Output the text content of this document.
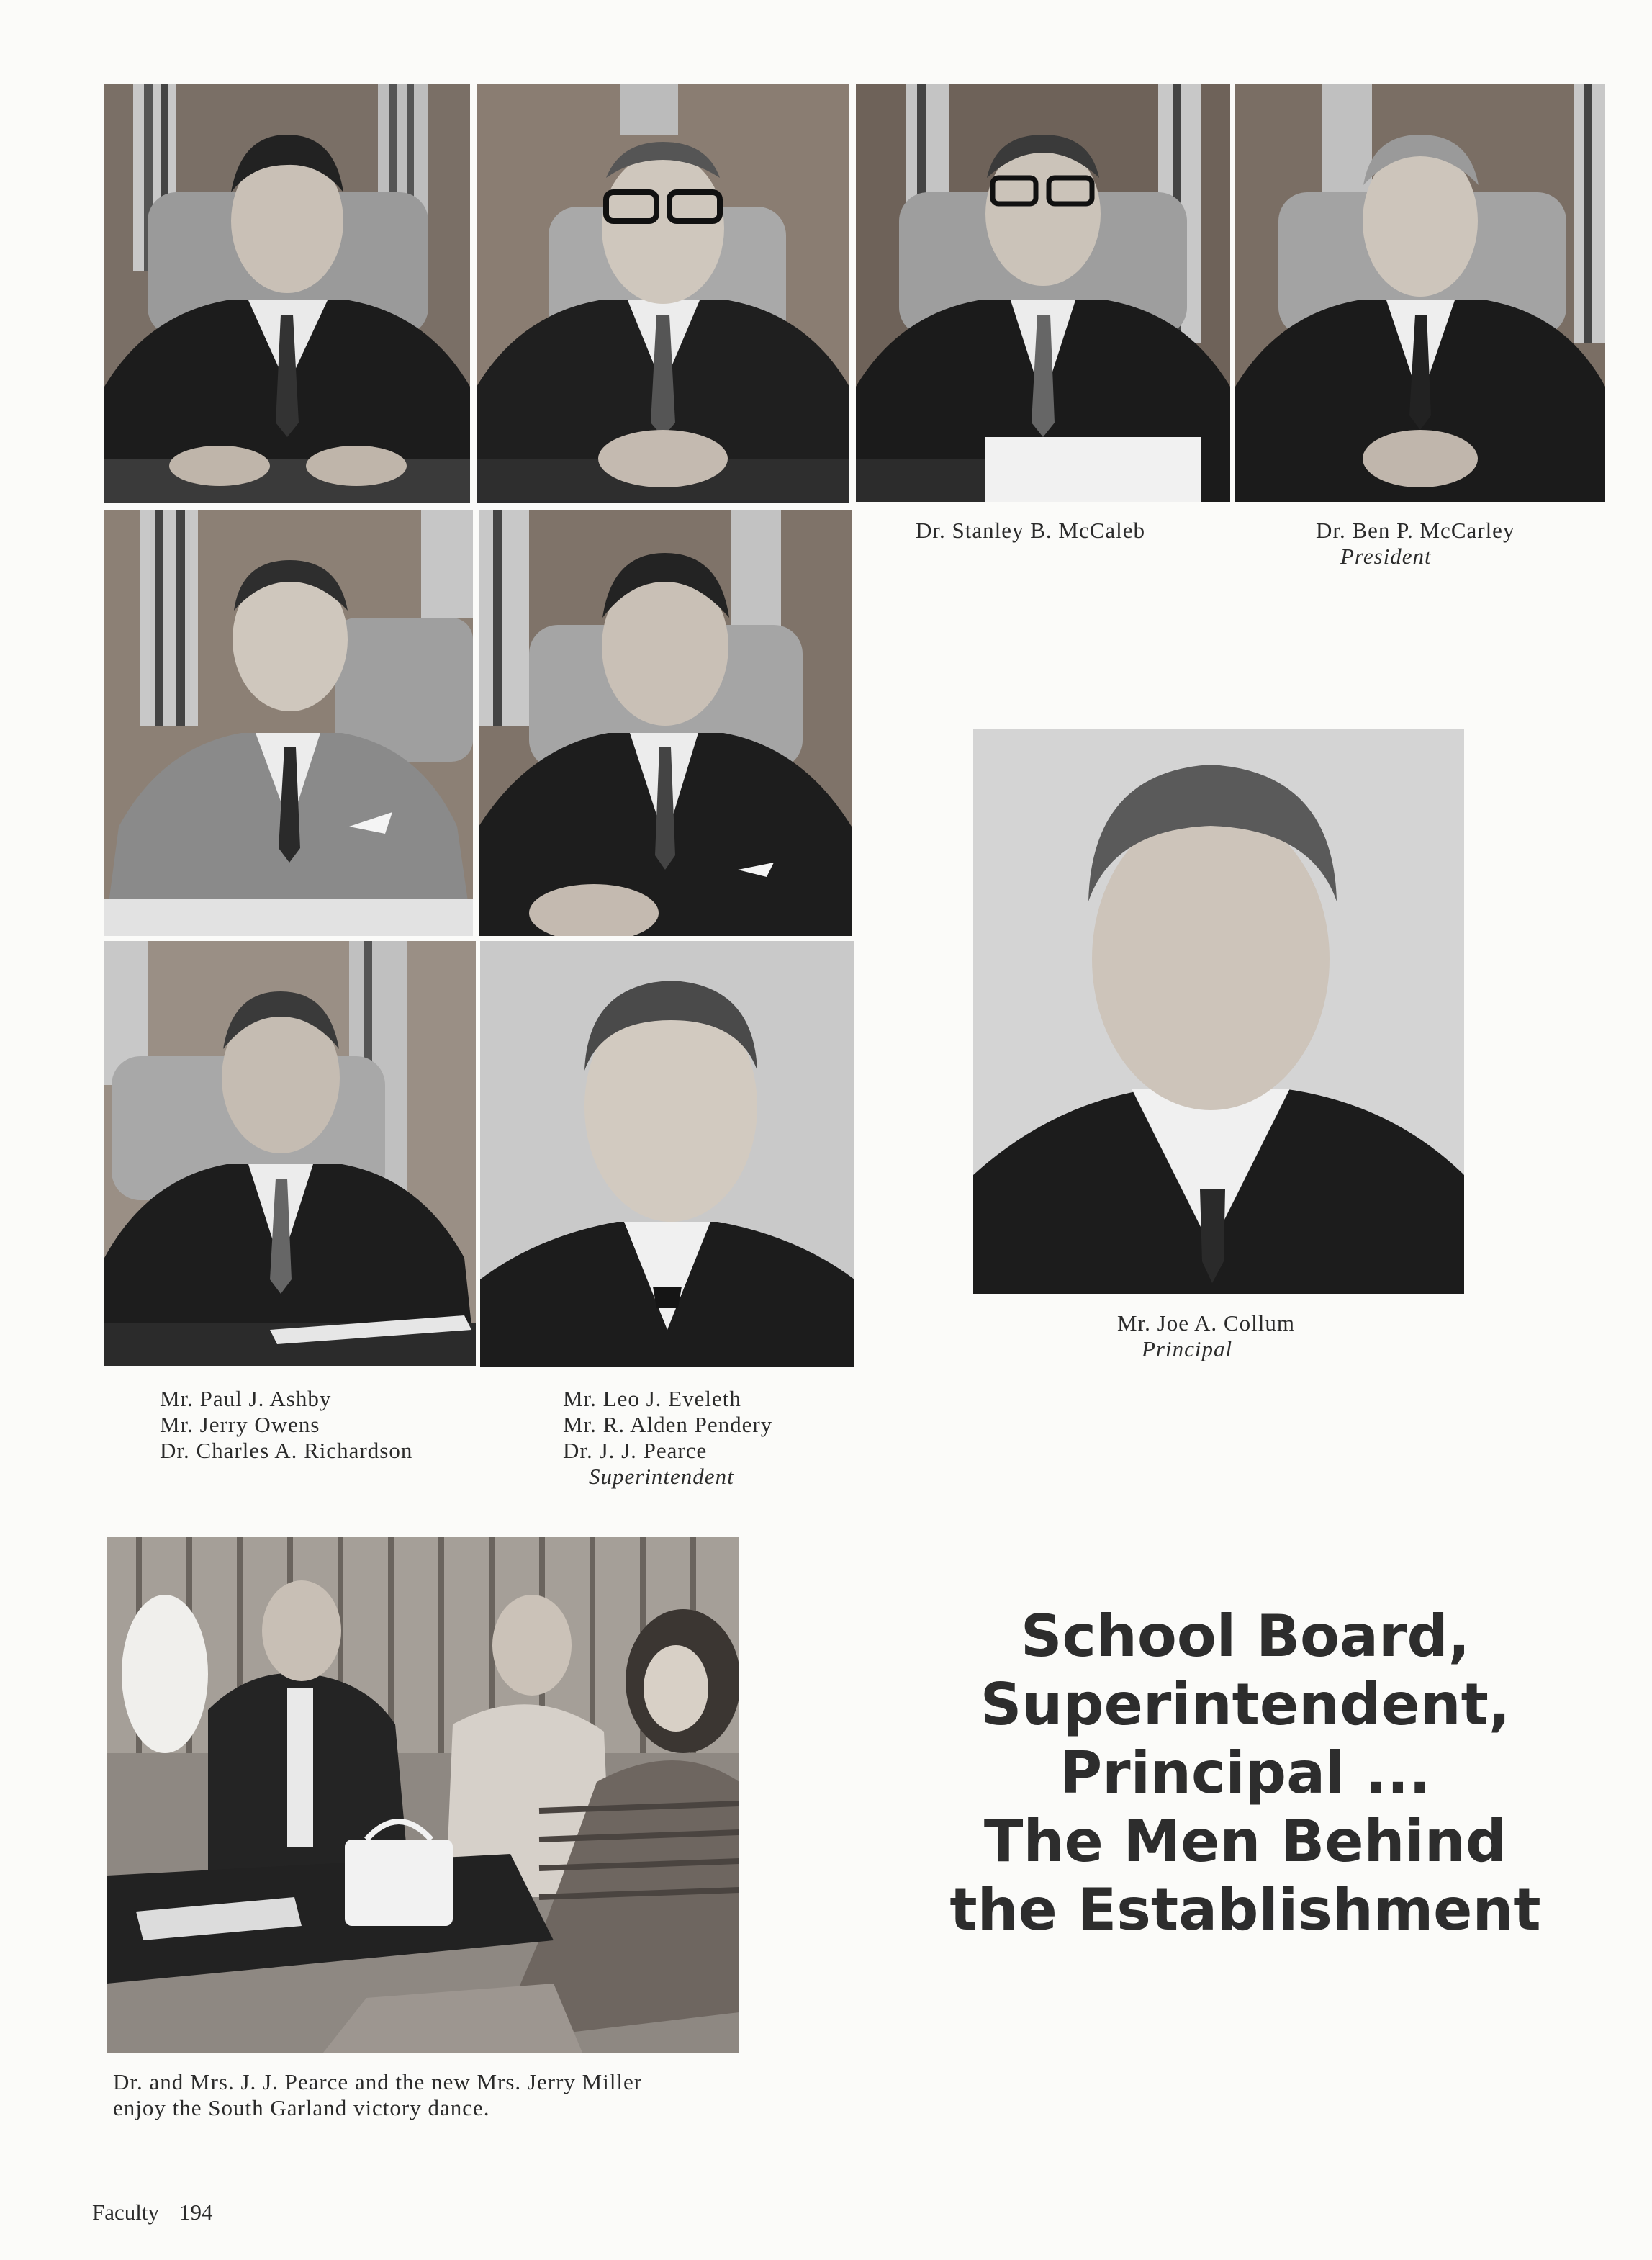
Dr. Stanley B. McCaleb	Dr. Ben P. McCarley
President
Mr. Paul J. Ashby
Mr. Jerry Owens
Dr. Charles A. Richardson
Mr. Leo J. Eveleth
Mr. R. Alden Pendery
Dr. J. J. Pearce
Superintendent
Mr. Joe A. Collum
Principal
Dr. and Mrs. J. J. Pearce and the new Mrs. Jerry Miller
enjoy the South Garland victory dance.
School Board,
Superintendent,
Principal ...
The Men Behind
the Establishment
Faculty 194
